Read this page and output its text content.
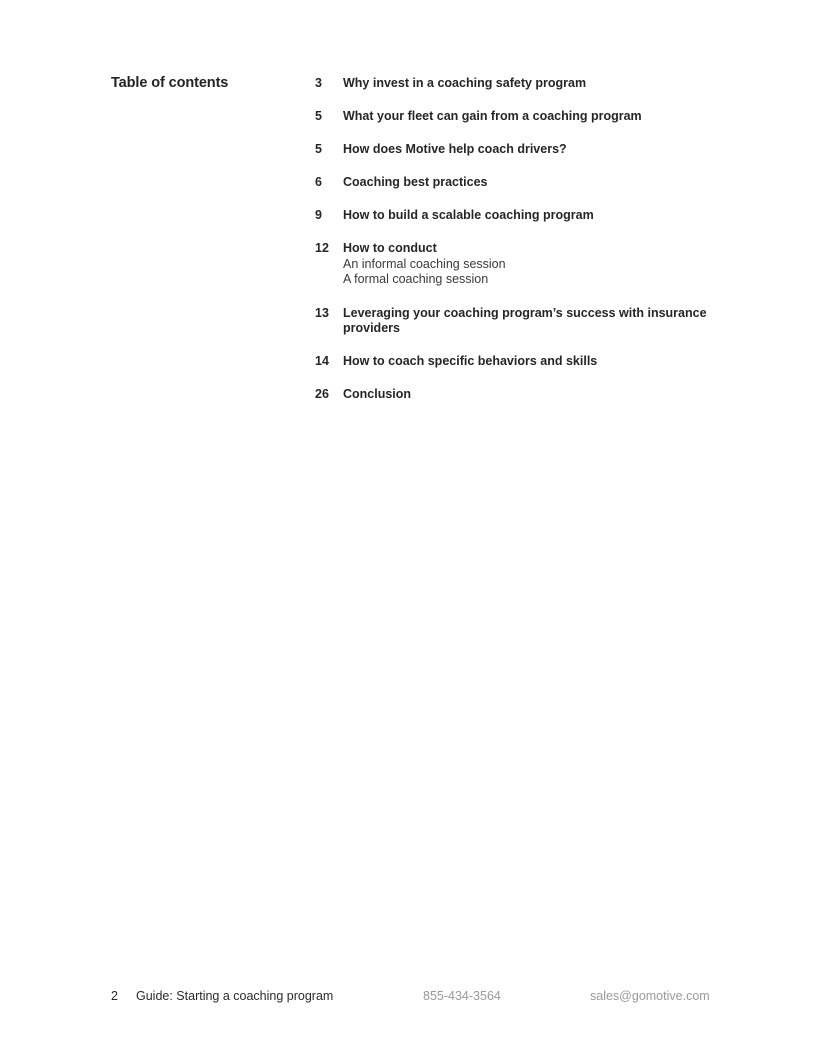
Table of contents	3	Why invest in a coaching safety program
5	What your fleet can gain from a coaching program
5	How does Motive help coach drivers?
6	Coaching best practices
9	How to build a scalable coaching program
12	How to conduct
An informal coaching session
A formal coaching session
13	Leveraging your coaching program’s success with insurance providers
14	How to coach specific behaviors and skills
26	Conclusion
2 Guide: Starting a coaching program	855-434-3564	sales@gomotive.com
